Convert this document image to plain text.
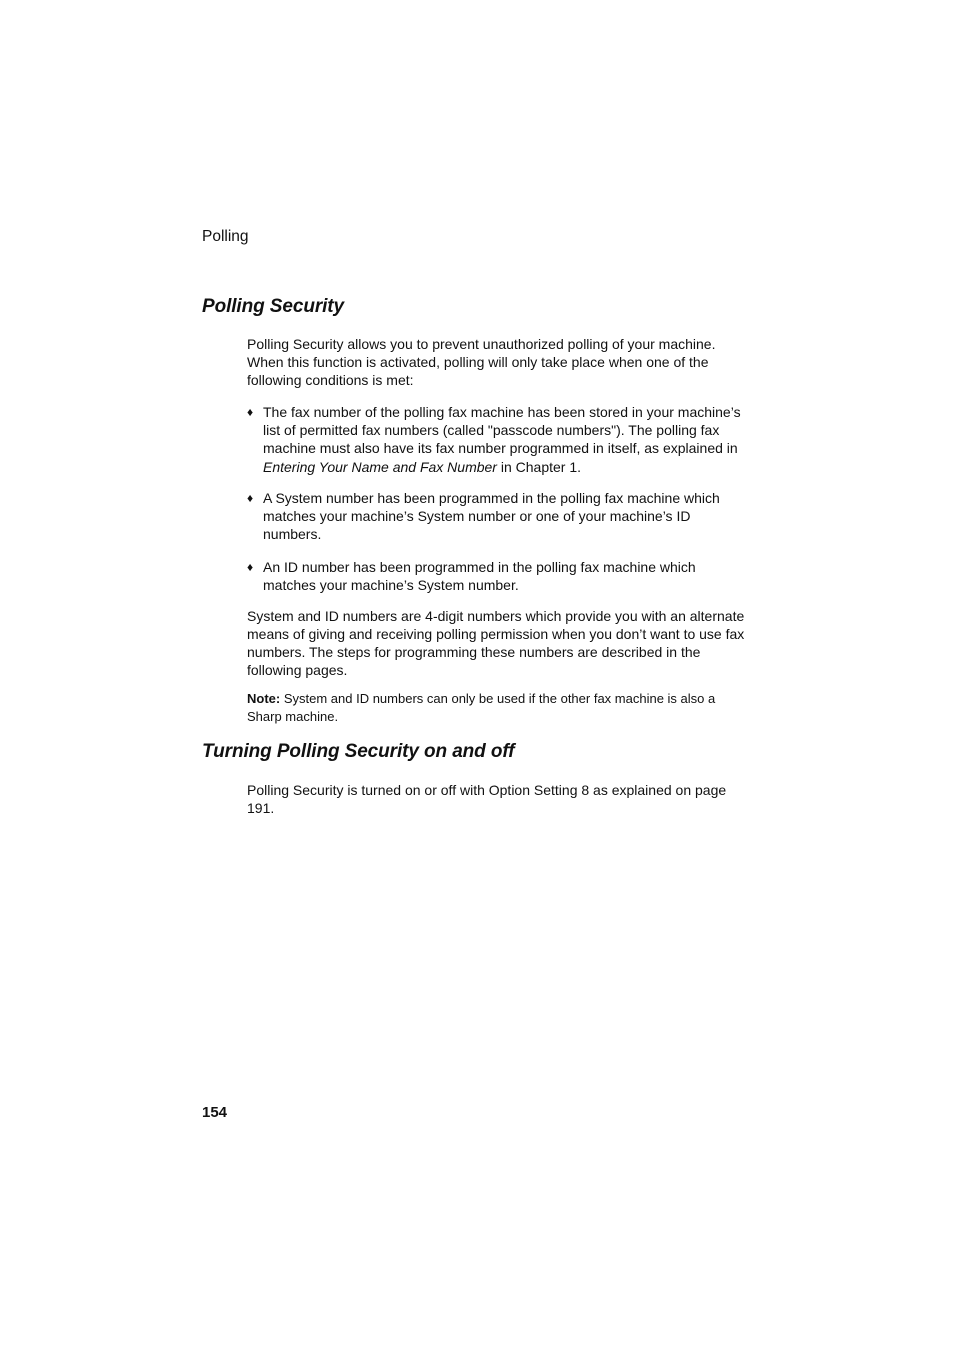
Polling
Polling Security

Polling Security allows you to prevent unauthorized polling of your machine. When this function is activated, polling will only take place when one of the following conditions is met:

♦ The fax number of the polling fax machine has been stored in your machine’s list of permitted fax numbers (called "passcode numbers"). The polling fax machine must also have its fax number programmed in itself, as explained in Entering Your Name and Fax Number in Chapter 1.
♦ A System number has been programmed in the polling fax machine which matches your machine’s System number or one of your machine’s ID numbers.
♦ An ID number has been programmed in the polling fax machine which matches your machine’s System number.

System and ID numbers are 4-digit numbers which provide you with an alternate means of giving and receiving polling permission when you don’t want to use fax numbers. The steps for programming these numbers are described in the following pages.

Note: System and ID numbers can only be used if the other fax machine is also a Sharp machine.

Turning Polling Security on and off

Polling Security is turned on or off with Option Setting 8 as explained on page 191.

154
